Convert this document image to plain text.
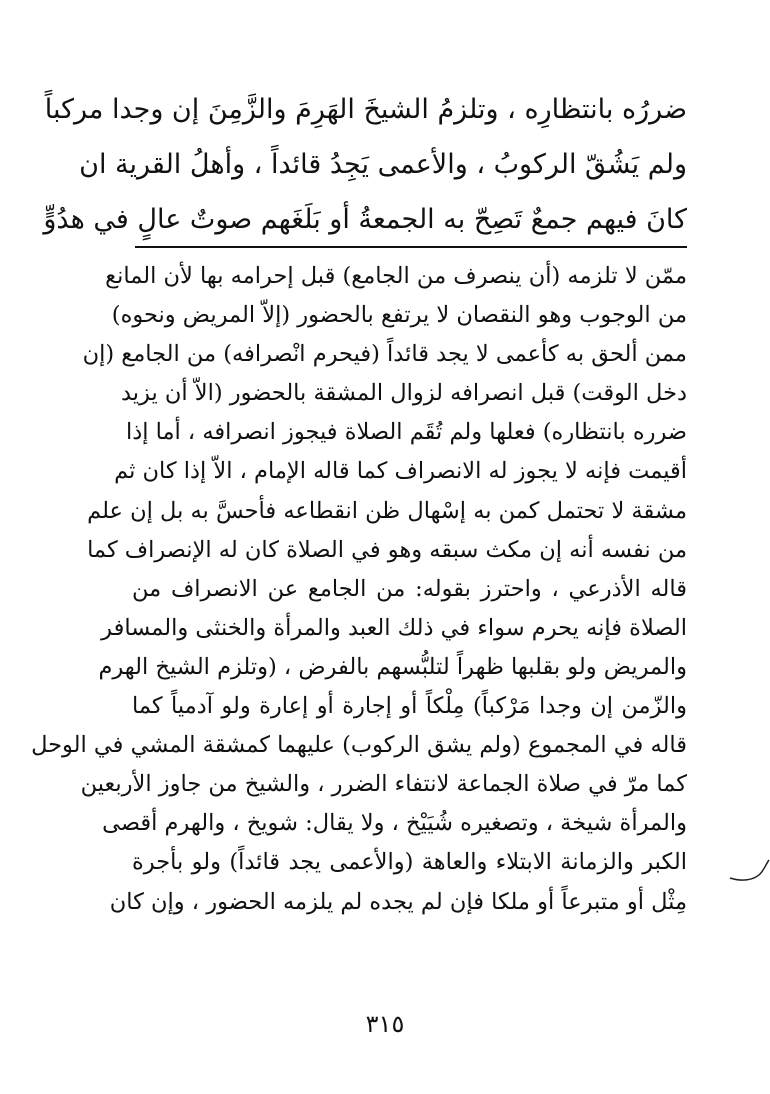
ضررُه بانتظارِه ، وتلزمُ الشيخَ الهَرِمَ والزَّمِنَ إن وجدا مركباً
ولم يَشُقّ الركوبُ ، والأعمى يَجِدُ قائداً ، وأهلُ القرية ان
كانَ فيهم جمعٌ تَصِحّ به الجمعةُ أو بَلَغَهم صوتٌ عالٍ في هدُوٍّ
ممّن لا تلزمه (أن ينصرف من الجامع) قبل إحرامه بها لأن المانع
من الوجوب وهو النقصان لا يرتفع بالحضور (إلاّ المريض ونحوه)
ممن ألحق به كأعمى لا يجد قائداً (فيحرم انْصرافه) من الجامع (إن
دخل الوقت) قبل انصرافه لزوال المشقة بالحضور (الاّ أن يزيد
ضرره بانتظاره) فعلها ولم تُقَم الصلاة فيجوز انصرافه ، أما إذا
أقيمت فإنه لا يجوز له الانصراف كما قاله الإمام ، الاّ إذا كان ثم
مشقة لا تحتمل كمن به إسْهال ظن انقطاعه فأحسَّ به بل إن علم
من نفسه أنه إن مكث سبقه وهو في الصلاة كان له الإنصراف كما
قاله الأذرعي ، واحترز بقوله: من الجامع عن الانصراف من
الصلاة فإنه يحرم سواء في ذلك العبد والمرأة والخنثى والمسافر
والمريض ولو بقلبها ظهراً لتلبُّسهم بالفرض ، (وتلزم الشيخ الهرم
والزّمن إن وجدا مَرْكباً) مِلْكاً أو إجارة أو إعارة ولو آدمياً كما
قاله في المجموع (ولم يشق الركوب) عليهما كمشقة المشي في الوحل
كما مرّ في صلاة الجماعة لانتفاء الضرر ، والشيخ من جاوز الأربعين
والمرأة شيخة ، وتصغيره شُيَيْخ ، ولا يقال: شويخ ، والهرم أقصى
الكبر والزمانة الابتلاء والعاهة (والأعمى يجد قائداً) ولو بأجرة
مِثْل أو متبرعاً أو ملكا فإن لم يجده لم يلزمه الحضور ، وإن كان
٣١٥
